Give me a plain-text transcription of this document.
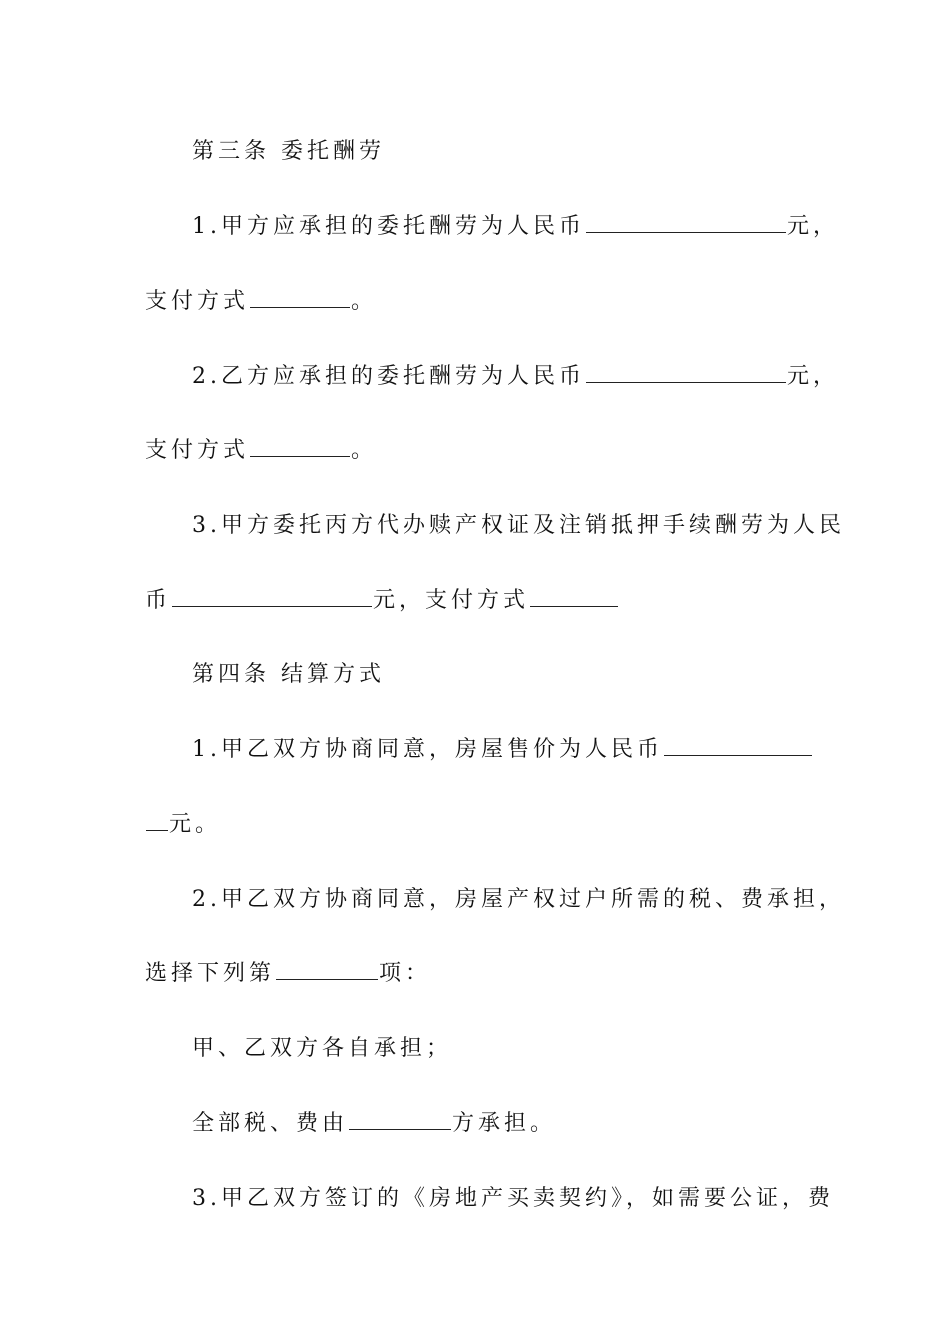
第三条 委托酬劳
1.甲方应承担的委托酬劳为人民币	元，
支付方式	。
2.乙方应承担的委托酬劳为人民币	元，
支付方式	。
3.甲方委托丙方代办赎产权证及注销抵押手续酬劳为人民
币	元，支付方式
第四条 结算方式
1.甲乙双方协商同意，房屋售价为人民币
元。
2.甲乙双方协商同意，房屋产权过户所需的税、费承担，
选择下列第	项：
甲、乙双方各自承担；
全部税、费由	方承担。
3.甲乙双方签订的《房地产买卖契约》，如需要公证，费
